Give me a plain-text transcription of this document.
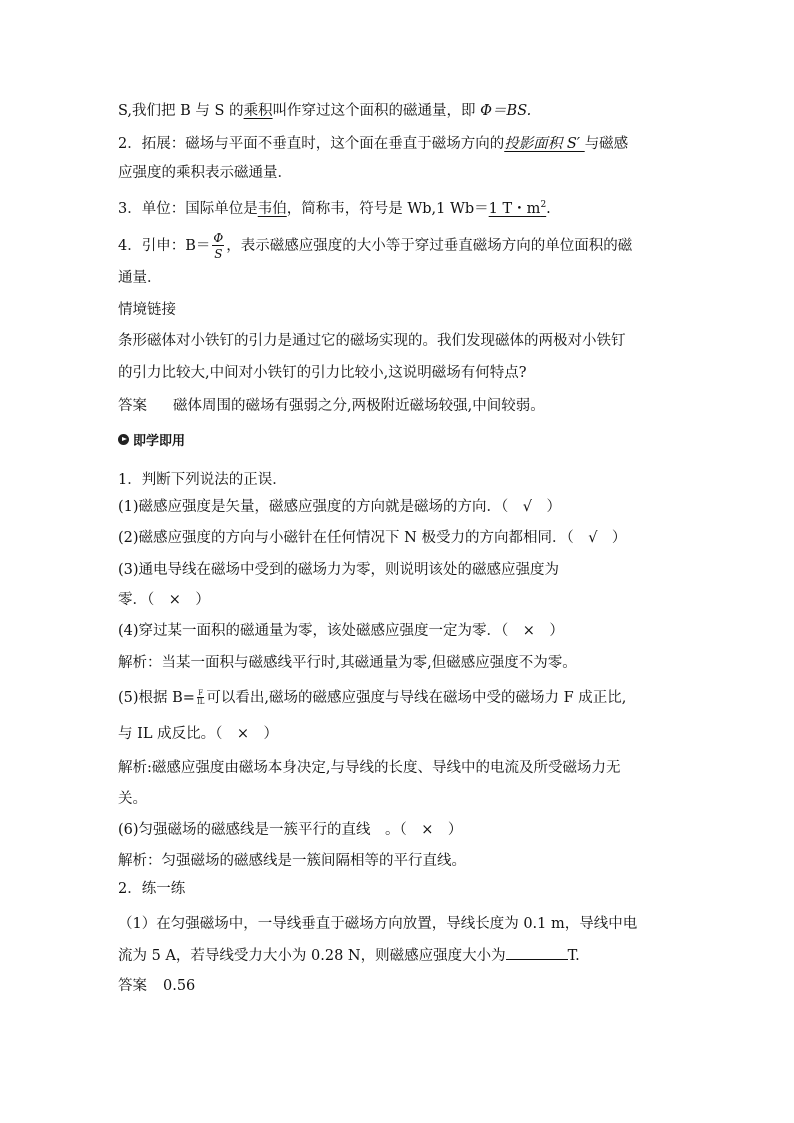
S,我们把 B 与 S 的乘积叫作穿过这个面积的磁通量，即 Φ＝BS.
2．拓展：磁场与平面不垂直时，这个面在垂直于磁场方向的投影面积 S′ 与磁感
应强度的乘积表示磁通量．
3．单位：国际单位是韦伯，简称韦，符号是 Wb,1 Wb＝1 T・$m^2$.
4．引申：$B= \frac{\Phi}{S}$ ，表示磁感应强度的大小等于穿过垂直磁场方向的单位面积的磁
通量．
情境链接
条形磁体对小铁钉的引力是通过它的磁场实现的。我们发现磁体的两极对小铁钉
的引力比较大,中间对小铁钉的引力比较小,这说明磁场有何特点?
答案 磁体周围的磁场有强弱之分,两极附近磁场较强,中间较弱。
即学即用
1．判断下列说法的正误．
(1)磁感应强度是矢量，磁感应强度的方向就是磁场的方向．（　√　）
(2)磁感应强度的方向与小磁针在任何情况下 N 极受力的方向都相同．（　√　）
(3)通电导线在磁场中受到的磁场力为零，则说明该处的磁感应强度为
零．（　×　）
(4)穿过某一面积的磁通量为零，该处磁感应强度一定为零．（　×　）
解析：当某一面积与磁感线平行时,其磁通量为零,但磁感应强度不为零。
(5)根据 $B= \frac{F}{IL}$ 可以看出,磁场的磁感应强度与导线在磁场中受的磁场力 F 成正比,
与 IL 成反比。（　×　）
解析:磁感应强度由磁场本身决定,与导线的长度、导线中的电流及所受磁场力无
关。
(6)匀强磁场的磁感线是一簇平行的直线　。（　×　）
解析：匀强磁场的磁感线是一簇间隔相等的平行直线。
2．练一练
（1）在匀强磁场中，一导线垂直于磁场方向放置，导线长度为 0.1 m，导线中电
流为 5 A，若导线受力大小为 0.28 N，则磁感应强度大小为	T.
答案 0.56
